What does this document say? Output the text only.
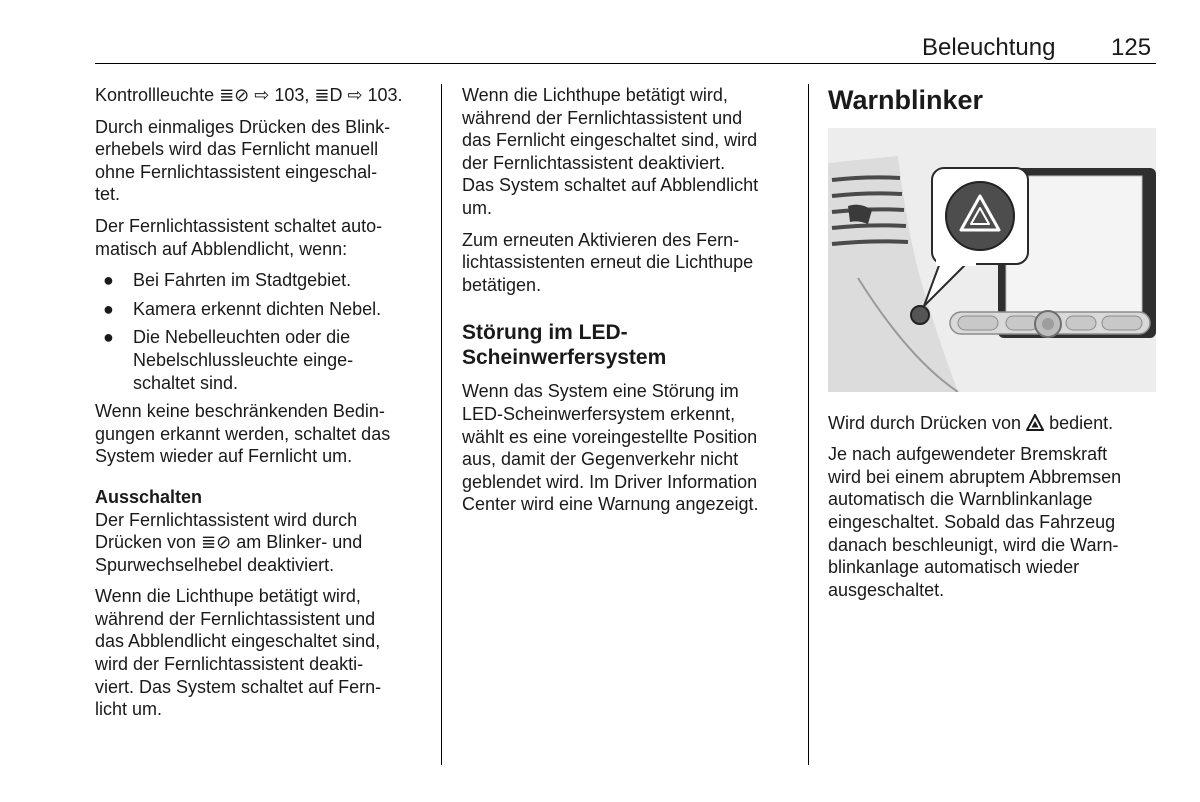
Beleuchtung 125

Kontrollleuchte ≣⊘ ⇨ 103, ≣D ⇨ 103.

Durch einmaliges Drücken des Blink-
erhebels wird das Fernlicht manuell
ohne Fernlichtassistent eingeschal-
tet.

Der Fernlichtassistent schaltet auto-
matisch auf Abblendlicht, wenn:

● Bei Fahrten im Stadtgebiet.
● Kamera erkennt dichten Nebel.
● Die Nebelleuchten oder die
Nebelschlussleuchte einge-
schaltet sind.

Wenn keine beschränkenden Bedin-
gungen erkannt werden, schaltet das
System wieder auf Fernlicht um.

Ausschalten

Der Fernlichtassistent wird durch
Drücken von ≣⊘ am Blinker- und
Spurwechselhebel deaktiviert.

Wenn die Lichthupe betätigt wird,
während der Fernlichtassistent und
das Abblendlicht eingeschaltet sind,
wird der Fernlichtassistent deakti-
viert. Das System schaltet auf Fern-
licht um.

Wenn die Lichthupe betätigt wird,
während der Fernlichtassistent und
das Fernlicht eingeschaltet sind, wird
der Fernlichtassistent deaktiviert.
Das System schaltet auf Abblendlicht
um.

Zum erneuten Aktivieren des Fern-
lichtassistenten erneut die Lichthupe
betätigen.

Störung im LED-
Scheinwerfersystem

Wenn das System eine Störung im
LED-Scheinwerfersystem erkennt,
wählt es eine voreingestellte Position
aus, damit der Gegenverkehr nicht
geblendet wird. Im Driver Information
Center wird eine Warnung angezeigt.

Warnblinker

Wird durch Drücken von  bedient.

Je nach aufgewendeter Bremskraft
wird bei einem abruptem Abbremsen
automatisch die Warnblinkanlage
eingeschaltet. Sobald das Fahrzeug
danach beschleunigt, wird die Warn-
blinkanlage automatisch wieder
ausgeschaltet.
